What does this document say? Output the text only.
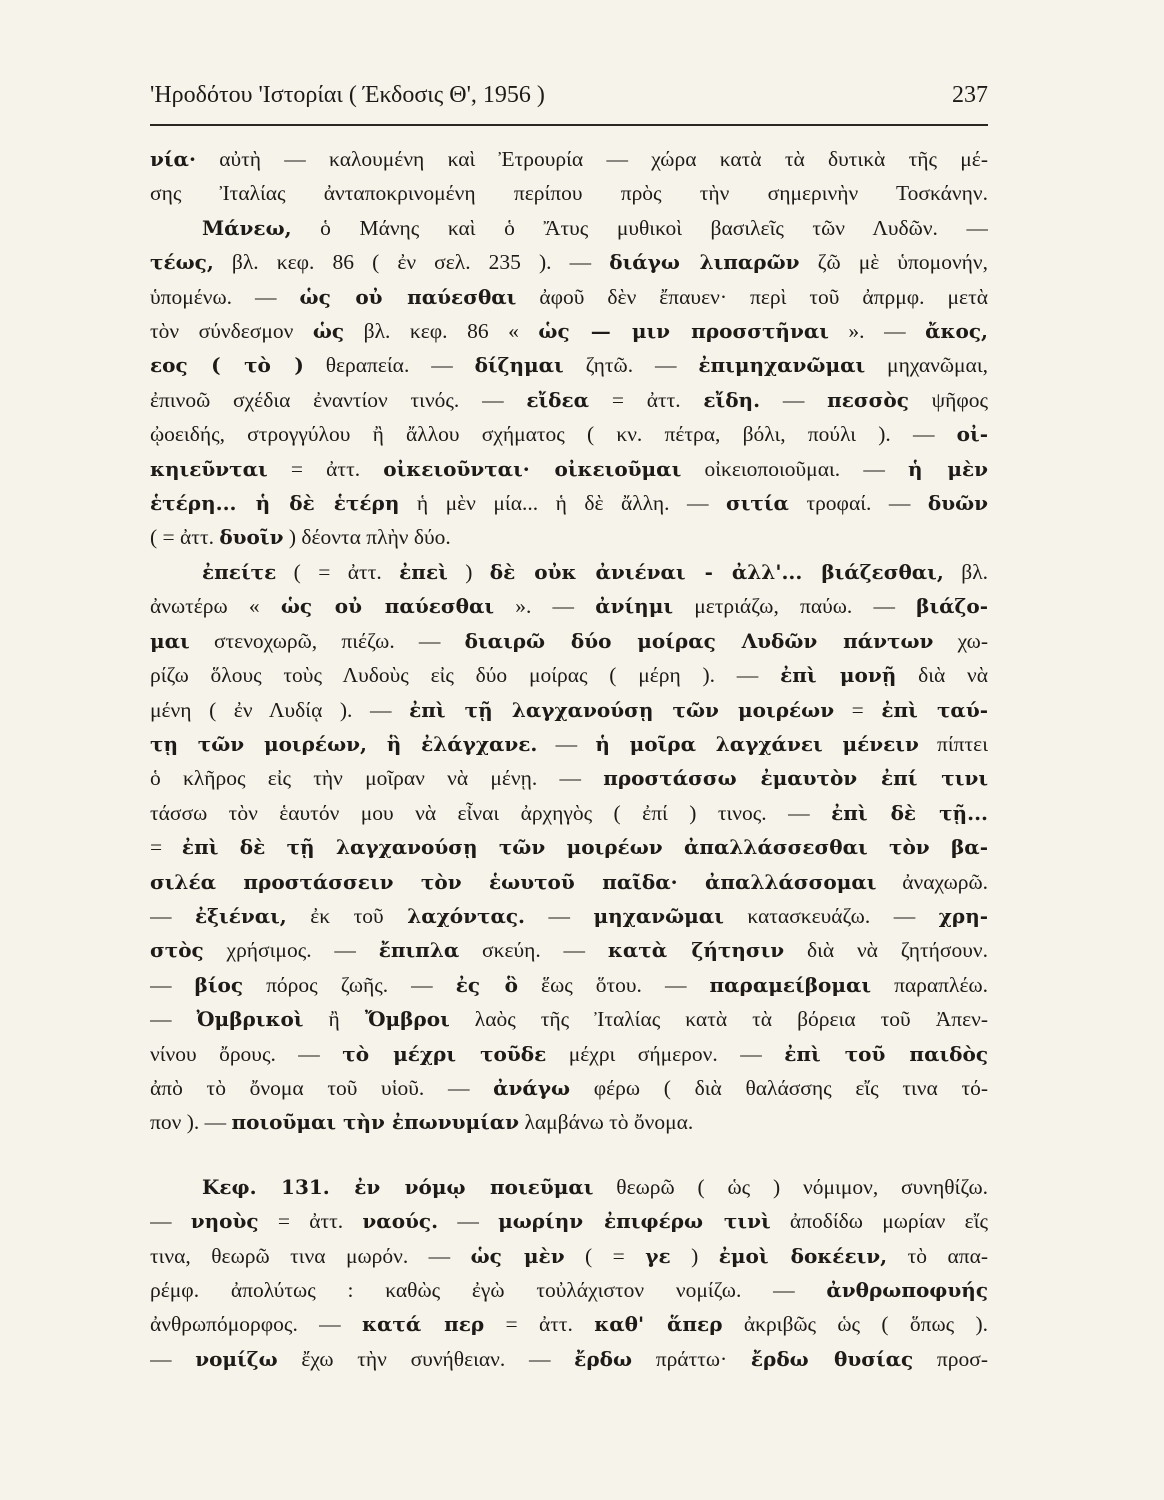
'Ηροδότου 'Ιστορίαι ( Έκδοσις Θ', 1956 )	237
νία· αὐτὴ — καλουμένη καὶ Ἐτρουρία — χώρα κατὰ τὰ δυτικὰ τῆς μέ-
σης Ἰταλίας ἀνταποκρινομένη περίπου πρὸς τὴν σημερινὴν Τοσκάνην.
Μάνεω, ὁ Μάνης καὶ ὁ Ἄτυς μυθικοὶ βασιλεῖς τῶν Λυδῶν. —
τέως, βλ. κεφ. 86 ( ἐν σελ. 235 ). — διάγω λιπαρῶν ζῶ μὲ ὑπομονήν,
ὑπομένω. — ὡς οὐ παύεσθαι ἀφοῦ δὲν ἔπαυεν· περὶ τοῦ ἀπρμφ. μετὰ
τὸν σύνδεσμον ὡς βλ. κεφ. 86 « ὡς — μιν προσστῆναι ». — ἄκος,
εος ( τὸ ) θεραπεία. — δίζημαι ζητῶ. — ἐπιμηχανῶμαι μηχανῶμαι,
ἐπινοῶ σχέδια ἐναντίον τινός. — εἴδεα = ἀττ. εἴδη. — πεσσὸς ψῆφος
ᾠοειδής, στρογγύλου ἢ ἄλλου σχήματος ( κν. πέτρα, βόλι, πούλι ). — οἰ-
κηιεῦνται = ἀττ. οἰκειοῦνται· οἰκειοῦμαι οἰκειοποιοῦμαι. — ἡ μὲν
ἑτέρη... ἡ δὲ ἑτέρη ἡ μὲν μία... ἡ δὲ ἄλλη. — σιτία τροφαί. — δυῶν
( = ἀττ. δυοῖν ) δέοντα πλὴν δύο.
ἐπείτε ( = ἀττ. ἐπεὶ ) δὲ οὐκ ἀνιέναι - ἀλλ'... βιάζεσθαι, βλ.
ἀνωτέρω « ὡς οὐ παύεσθαι ». — ἀνίημι μετριάζω, παύω. — βιάζο-
μαι στενοχωρῶ, πιέζω. — διαιρῶ δύο μοίρας Λυδῶν πάντων χω-
ρίζω ὅλους τοὺς Λυδοὺς εἰς δύο μοίρας ( μέρη ). — ἐπὶ μονῇ διὰ νὰ
μένη ( ἐν Λυδίᾳ ). — ἐπὶ τῇ λαγχανούσῃ τῶν μοιρέων = ἐπὶ ταύ-
τῃ τῶν μοιρέων, ἣ ἐλάγχανε. — ἡ μοῖρα λαγχάνει μένειν πίπτει
ὁ κλῆρος εἰς τὴν μοῖραν νὰ μένῃ. — προστάσσω ἐμαυτὸν ἐπί τινι
τάσσω τὸν ἑαυτόν μου νὰ εἶναι ἀρχηγὸς ( ἐπί ) τινος. — ἐπὶ δὲ τῇ...
= ἐπὶ δὲ τῇ λαγχανούσῃ τῶν μοιρέων ἀπαλλάσσεσθαι τὸν βα-
σιλέα προστάσσειν τὸν ἑωυτοῦ παῖδα· ἀπαλλάσσομαι ἀναχωρῶ.
— ἐξιέναι, ἐκ τοῦ λαχόντας. — μηχανῶμαι κατασκευάζω. — χρη-
στὸς χρήσιμος. — ἔπιπλα σκεύη. — κατὰ ζήτησιν διὰ νὰ ζητήσουν.
— βίος πόρος ζωῆς. — ἐς ὃ ἕως ὅτου. — παραμείβομαι παραπλέω.
— Ὀμβρικοὶ ἢ Ὄμβροι λαὸς τῆς Ἰταλίας κατὰ τὰ βόρεια τοῦ Ἀπεν-
νίνου ὄρους. — τὸ μέχρι τοῦδε μέχρι σήμερον. — ἐπὶ τοῦ παιδὸς
ἀπὸ τὸ ὄνομα τοῦ υἱοῦ. — ἀνάγω φέρω ( διὰ θαλάσσης εἴς τινα τό-
πον ). — ποιοῦμαι τὴν ἐπωνυμίαν λαμβάνω τὸ ὄνομα.
Κεφ. 131. ἐν νόμῳ ποιεῦμαι θεωρῶ ( ὡς ) νόμιμον, συνηθίζω.
— νηοὺς = ἀττ. ναούς. — μωρίην ἐπιφέρω τινὶ ἀποδίδω μωρίαν εἴς
τινα, θεωρῶ τινα μωρόν. — ὡς μὲν ( = γε ) ἐμοὶ δοκέειν, τὸ απα-
ρέμφ. ἀπολύτως : καθὼς ἐγὼ τοὐλάχιστον νομίζω. — ἀνθρωποφυής
ἀνθρωπόμορφος. — κατά περ = ἀττ. καθ' ἅπερ ἀκριβῶς ὡς ( ὅπως ).
— νομίζω ἔχω τὴν συνήθειαν. — ἔρδω πράττω· ἔρδω θυσίας προσ-
